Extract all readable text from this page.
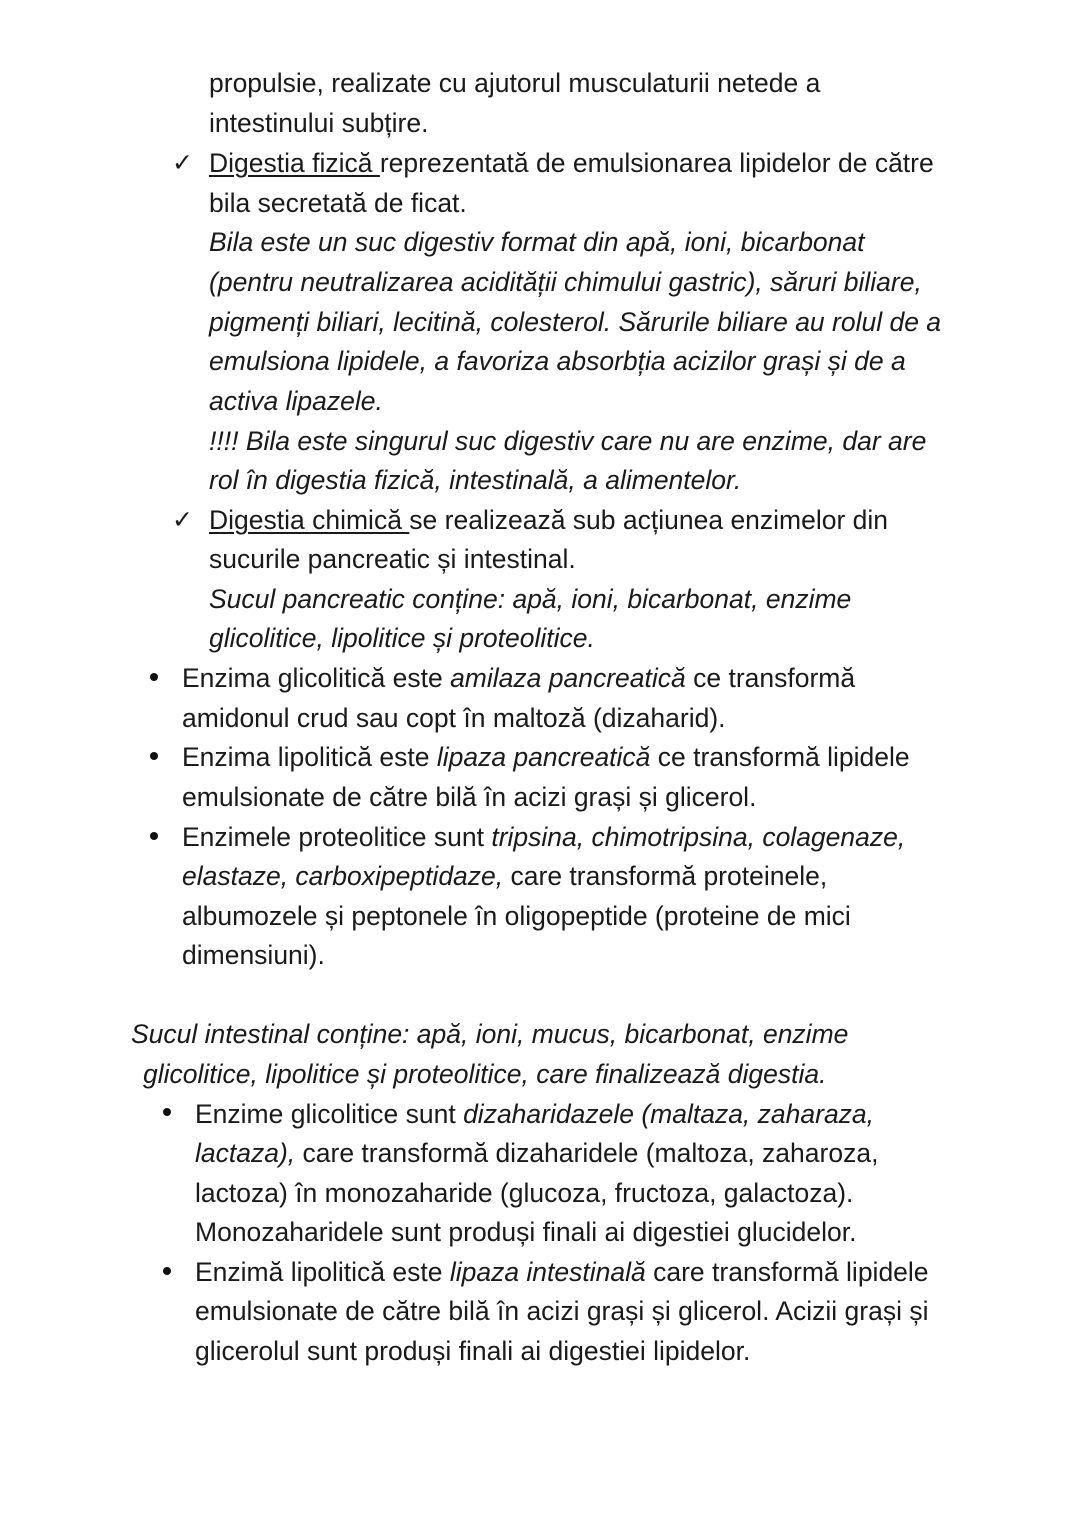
propulsie, realizate cu ajutorul musculaturii netede a
intestinului subțire.
✓ Digestia fizică reprezentată de emulsionarea lipidelor de către
bila secretată de ficat.
Bila este un suc digestiv format din apă, ioni, bicarbonat
(pentru neutralizarea acidității chimului gastric), săruri biliare,
pigmenți biliari, lecitină, colesterol. Sărurile biliare au rolul de a
emulsiona lipidele, a favoriza absorbția acizilor grași și de a
activa lipazele.
!!!! Bila este singurul suc digestiv care nu are enzime, dar are
rol în digestia fizică, intestinală, a alimentelor.
✓ Digestia chimică se realizează sub acțiunea enzimelor din
sucurile pancreatic și intestinal.
Sucul pancreatic conține: apă, ioni, bicarbonat, enzime
glicolitice, lipolitice și proteolitice.
Enzima glicolitică este amilaza pancreatică ce transformă
amidonul crud sau copt în maltoză (dizaharid).
Enzima lipolitică este lipaza pancreatică ce transformă lipidele
emulsionate de către bilă în acizi grași și glicerol.
Enzimele proteolitice sunt tripsina, chimotripsina, colagenaze,
elastaze, carboxipeptidaze, care transformă proteinele,
albumozele și peptonele în oligopeptide (proteine de mici
dimensiuni).
Sucul intestinal conține: apă, ioni, mucus, bicarbonat, enzime
glicolitice, lipolitice și proteolitice, care finalizează digestia.
Enzime glicolitice sunt dizaharidazele (maltaza, zaharaza,
lactaza), care transformă dizaharidele (maltoza, zaharoza,
lactoza) în monozaharide (glucoza, fructoza, galactoza).
Monozaharidele sunt produși finali ai digestiei glucidelor.
Enzimă lipolitică este lipaza intestinală care transformă lipidele
emulsionate de către bilă în acizi grași și glicerol. Acizii grași și
glicerolul sunt produși finali ai digestiei lipidelor.
